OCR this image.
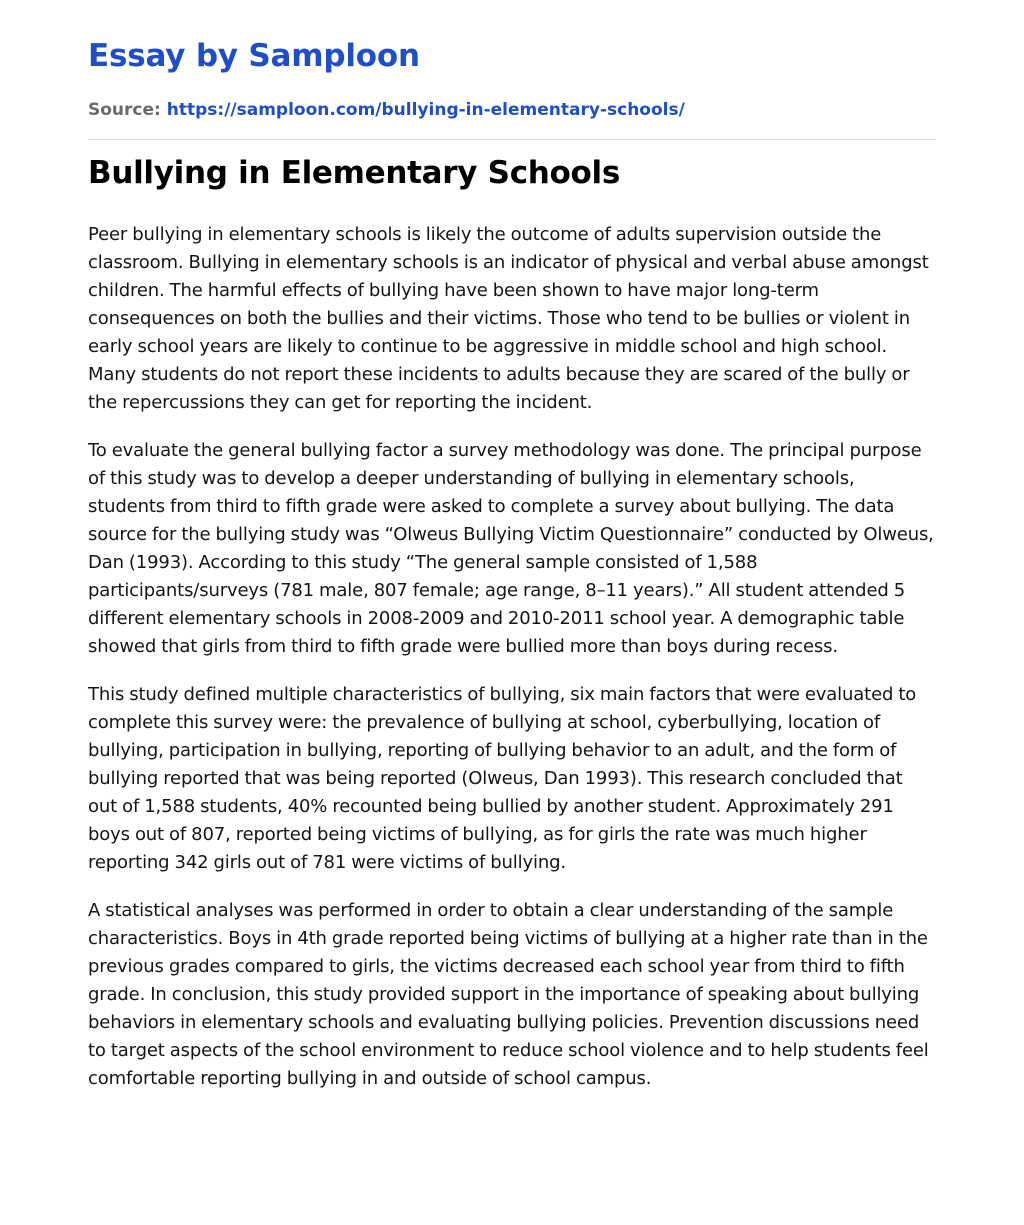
Essay by Samploon
Source: https://samploon.com/bullying-in-elementary-schools/
Bullying in Elementary Schools

Peer bullying in elementary schools is likely the outcome of adults supervision outside the classroom. Bullying in elementary schools is an indicator of physical and verbal abuse amongst children. The harmful effects of bullying have been shown to have major long-term consequences on both the bullies and their victims. Those who tend to be bullies or violent in early school years are likely to continue to be aggressive in middle school and high school. Many students do not report these incidents to adults because they are scared of the bully or the repercussions they can get for reporting the incident.

To evaluate the general bullying factor a survey methodology was done. The principal purpose of this study was to develop a deeper understanding of bullying in elementary schools, students from third to fifth grade were asked to complete a survey about bullying. The data source for the bullying study was “Olweus Bullying Victim Questionnaire” conducted by Olweus, Dan (1993). According to this study “The general sample consisted of 1,588 participants/surveys (781 male, 807 female; age range, 8–11 years).” All student attended 5 different elementary schools in 2008-2009 and 2010-2011 school year. A demographic table showed that girls from third to fifth grade were bullied more than boys during recess.

This study defined multiple characteristics of bullying, six main factors that were evaluated to complete this survey were: the prevalence of bullying at school, cyberbullying, location of bullying, participation in bullying, reporting of bullying behavior to an adult, and the form of bullying reported that was being reported (Olweus, Dan 1993). This research concluded that out of 1,588 students, 40% recounted being bullied by another student. Approximately 291 boys out of 807, reported being victims of bullying, as for girls the rate was much higher reporting 342 girls out of 781 were victims of bullying.

A statistical analyses was performed in order to obtain a clear understanding of the sample characteristics. Boys in 4th grade reported being victims of bullying at a higher rate than in the previous grades compared to girls, the victims decreased each school year from third to fifth grade. In conclusion, this study provided support in the importance of speaking about bullying behaviors in elementary schools and evaluating bullying policies. Prevention discussions need to target aspects of the school environment to reduce school violence and to help students feel comfortable reporting bullying in and outside of school campus.
